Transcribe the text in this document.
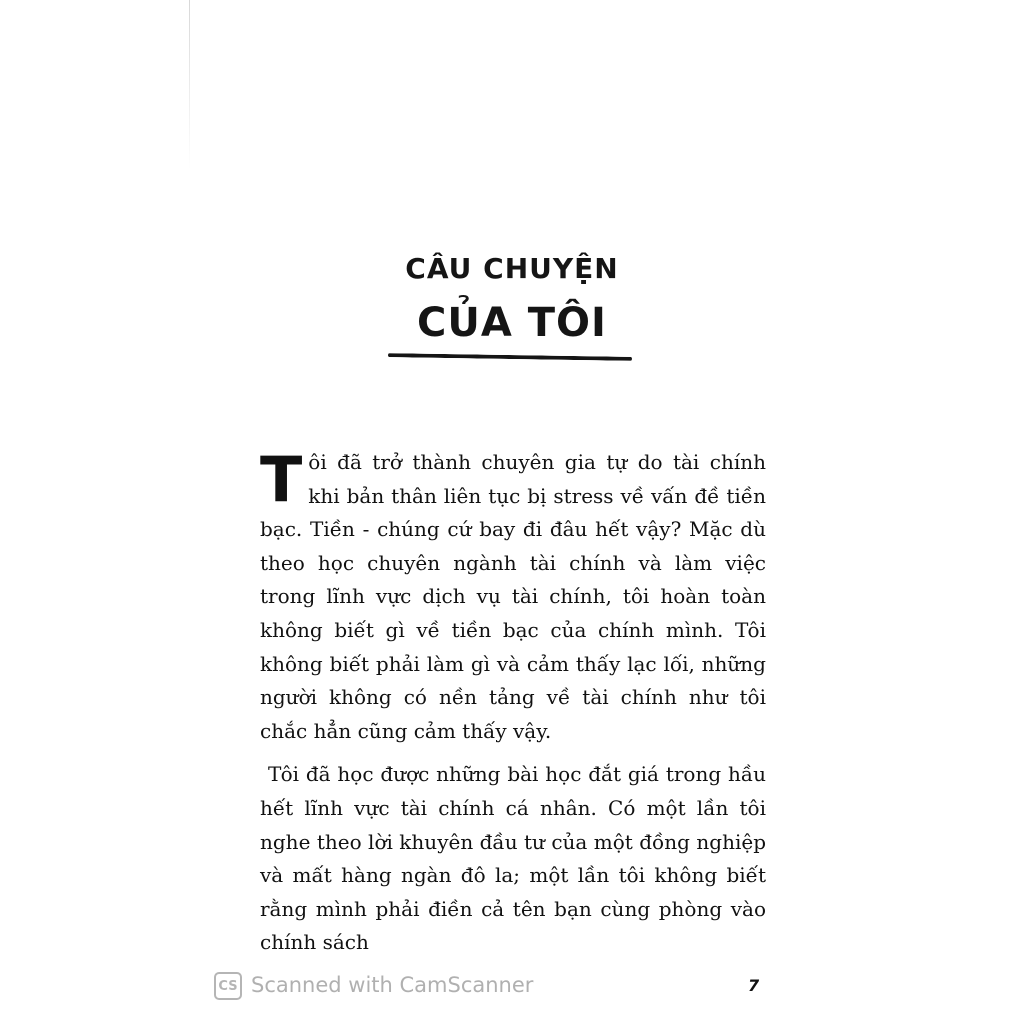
CÂU CHUYỆN
CỦA TÔI

Tôi đã trở thành chuyên gia tự do tài chính khi bản thân liên tục bị stress về vấn đề tiền bạc. Tiền - chúng cứ bay đi đâu hết vậy? Mặc dù theo học chuyên ngành tài chính và làm việc trong lĩnh vực dịch vụ tài chính, tôi hoàn toàn không biết gì về tiền bạc của chính mình. Tôi không biết phải làm gì và cảm thấy lạc lối, những người không có nền tảng về tài chính như tôi chắc hẳn cũng cảm thấy vậy.

Tôi đã học được những bài học đắt giá trong hầu hết lĩnh vực tài chính cá nhân. Có một lần tôi nghe theo lời khuyên đầu tư của một đồng nghiệp và mất hàng ngàn đô la; một lần tôi không biết rằng mình phải điền cả tên bạn cùng phòng vào chính sách

CS Scanned with CamScanner	7
